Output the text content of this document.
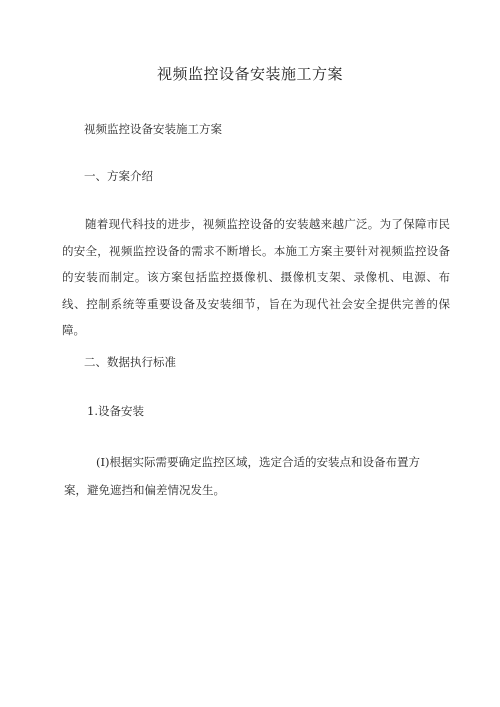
视频监控设备安装施工方案
视频监控设备安装施工方案
一、方案介绍
随着现代科技的进步，视频监控设备的安装越来越广泛。为了保障市民的安全，视频监控设备的需求不断增长。本施工方案主要针对视频监控设备的安装而制定。该方案包括监控摄像机、摄像机支架、录像机、电源、布线、控制系统等重要设备及安装细节，旨在为现代社会安全提供完善的保障。
二、数据执行标准
1.设备安装
(I)根据实际需要确定监控区域，选定合适的安装点和设备布置方
案，避免遮挡和偏差情况发生。
